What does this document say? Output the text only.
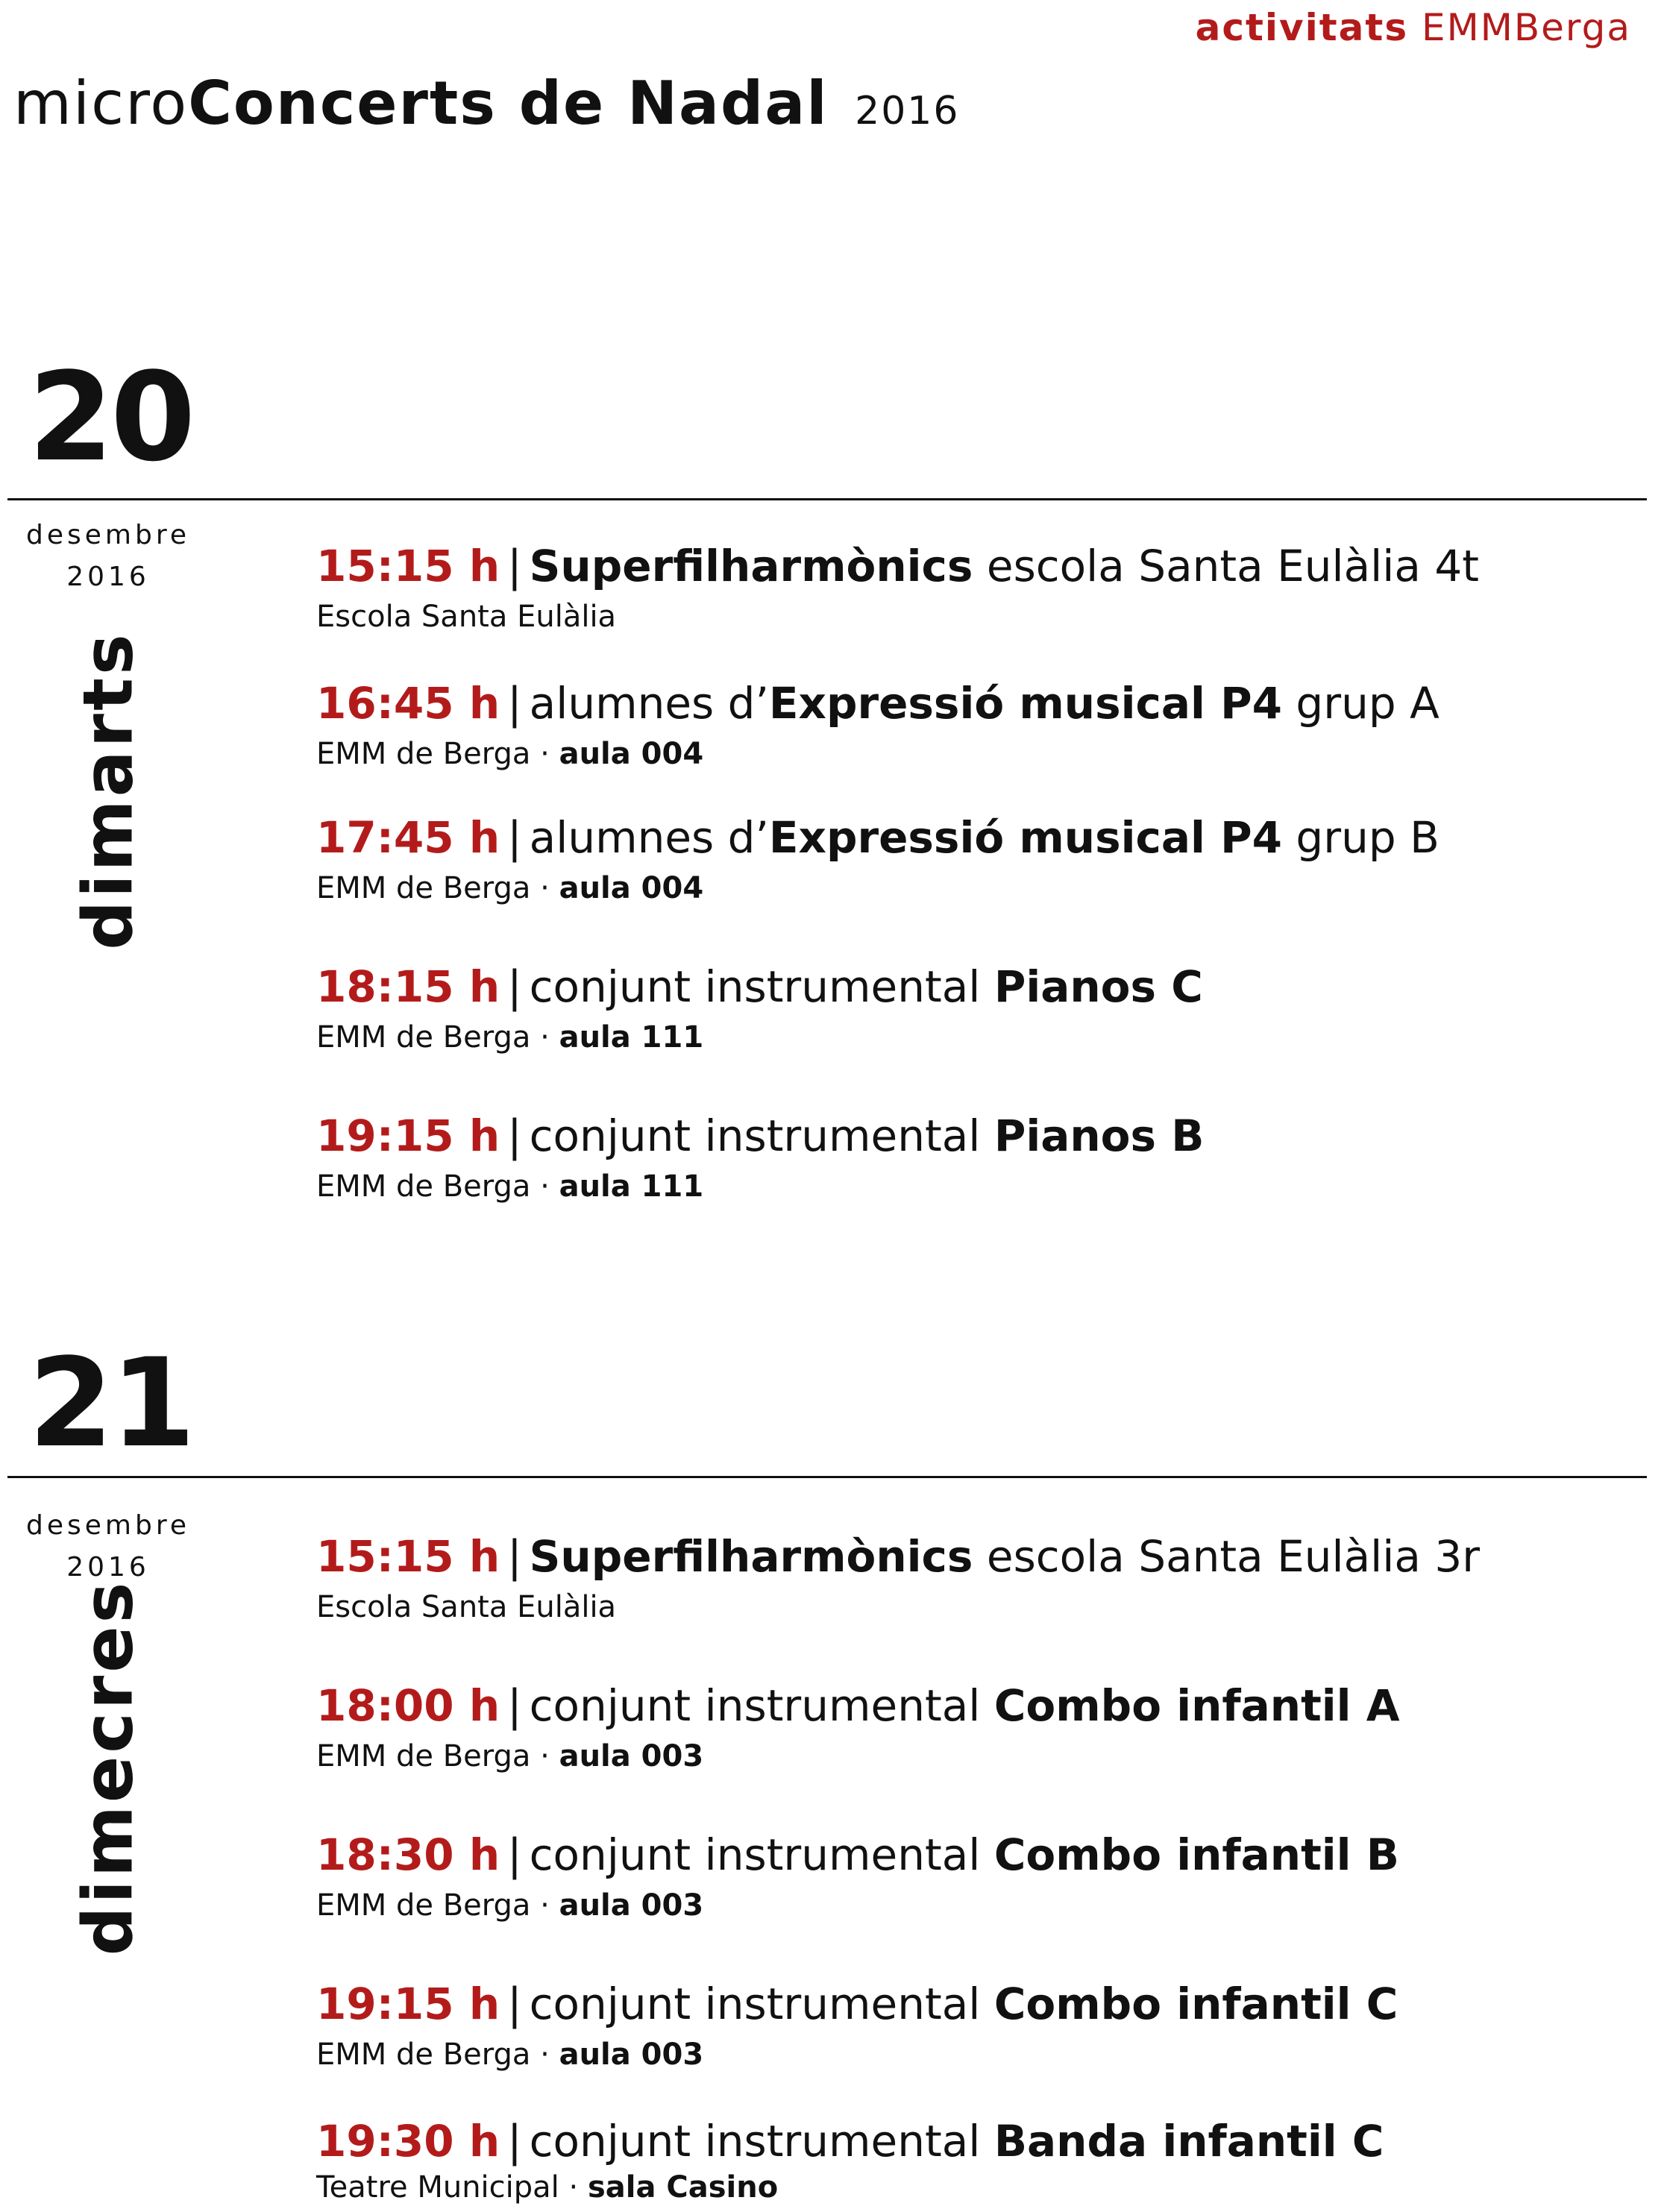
activitats EMMBerga
microConcerts de Nadal 2016
20
desembre
2016
dimarts
15:15 h | Superfilharmònics escola Santa Eulàlia 4t
Escola Santa Eulàlia
16:45 h | alumnes d’Expressió musical P4 grup A
EMM de Berga · aula 004
17:45 h | alumnes d’Expressió musical P4 grup B
EMM de Berga · aula 004
18:15 h | conjunt instrumental Pianos C
EMM de Berga · aula 111
19:15 h | conjunt instrumental Pianos B
EMM de Berga · aula 111
21
desembre
2016
dimecres
15:15 h | Superfilharmònics escola Santa Eulàlia 3r
Escola Santa Eulàlia
18:00 h | conjunt instrumental Combo infantil A
EMM de Berga · aula 003
18:30 h | conjunt instrumental Combo infantil B
EMM de Berga · aula 003
19:15 h | conjunt instrumental Combo infantil C
EMM de Berga · aula 003
19:30 h | conjunt instrumental Banda infantil C
Teatre Municipal · sala Casino
